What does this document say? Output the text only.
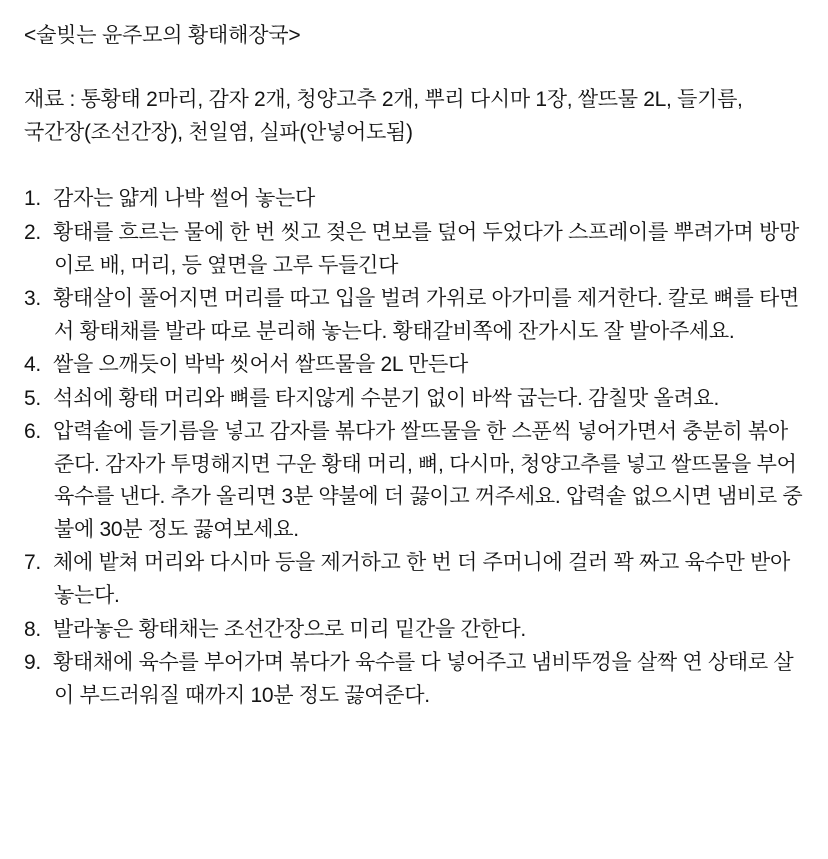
<술빚는 윤주모의 황태해장국>

재료 : 통황태 2마리, 감자 2개, 청양고추 2개, 뿌리 다시마 1장, 쌀뜨물 2L, 들기름, 국간장(조선간장), 천일염, 실파(안넣어도됨)

1. 감자는 얇게 나박 썰어 놓는다
2. 황태를 흐르는 물에 한 번 씻고 젖은 면보를 덮어 두었다가 스프레이를 뿌려가며 방망이로 배, 머리, 등 옆면을 고루 두들긴다
3. 황태살이 풀어지면 머리를 따고 입을 벌려 가위로 아가미를 제거한다. 칼로 뼈를 타면서 황태채를 발라 따로 분리해 놓는다. 황태갈비쪽에 잔가시도 잘 발아주세요.
4. 쌀을 으깨듯이 박박 씻어서 쌀뜨물을 2L 만든다
5. 석쇠에 황태 머리와 뼈를 타지않게 수분기 없이 바싹 굽는다. 감칠맛 올려요.
6. 압력솥에 들기름을 넣고 감자를 볶다가 쌀뜨물을 한 스푼씩 넣어가면서 충분히 볶아준다. 감자가 투명해지면 구운 황태 머리, 뼈, 다시마, 청양고추를 넣고 쌀뜨물을 부어 육수를 낸다. 추가 올리면 3분 약불에 더 끓이고 꺼주세요. 압력솥 없으시면 냄비로 중불에 30분 정도 끓여보세요.
7. 체에 밭쳐 머리와 다시마 등을 제거하고 한 번 더 주머니에 걸러 꽉 짜고 육수만 받아놓는다.
8. 발라놓은 황태채는 조선간장으로 미리 밑간을 간한다.
9. 황태채에 육수를 부어가며 볶다가 육수를 다 넣어주고 냄비뚜껑을 살짝 연 상태로 살이 부드러워질 때까지 10분 정도 끓여준다.
